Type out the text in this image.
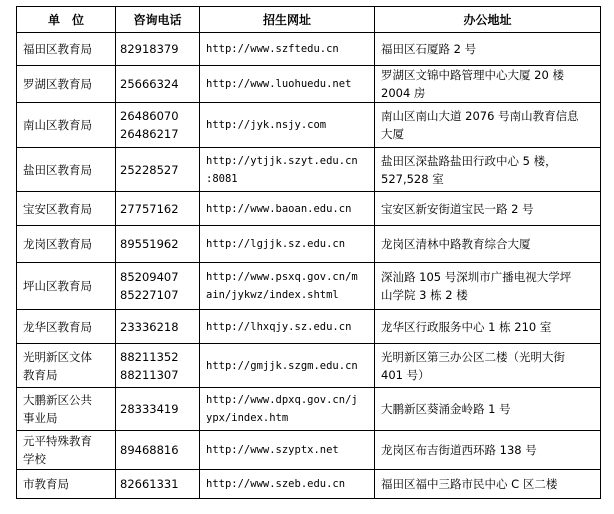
单　位	咨询电话	招生网址	办公地址

福田区教育局	82918379	http://www.szftedu.cn	福田区石厦路 2 号

罗湖区教育局	25666324	http://www.luohuedu.net	罗湖区文锦中路管理中心大厦 20 楼
2004 房

南山区教育局	26486070
26486217	http://jyk.nsjy.com	南山区南山大道 2076 号南山教育信息
大厦

盐田区教育局	25228527	http://ytjjk.szyt.edu.cn
:8081	盐田区深盐路盐田行政中心 5 楼，
527,528 室

宝安区教育局	27757162	http://www.baoan.edu.cn	宝安区新安街道宝民一路 2 号

龙岗区教育局	89551962	http://lgjjk.sz.edu.cn	龙岗区清林中路教育综合大厦

坪山区教育局	85209407
85227107	http://www.psxq.gov.cn/m
ain/jykwz/index.shtml	深汕路 105 号深圳市广播电视大学坪
山学院 3 栋 2 楼

龙华区教育局	23336218	http://lhxqjy.sz.edu.cn	龙华区行政服务中心 1 栋 210 室

光明新区文体
教育局	88211352
88211307	http://gmjjk.szgm.edu.cn	光明新区第三办公区二楼（光明大街
401 号）

大鹏新区公共
事业局	28333419	http://www.dpxq.gov.cn/j
ypx/index.htm	大鹏新区葵涌金岭路 1 号

元平特殊教育
学校	89468816	http://www.szyptx.net	龙岗区布吉街道西环路 138 号

市教育局	82661331	http://www.szeb.edu.cn	福田区福中三路市民中心 C 区二楼
